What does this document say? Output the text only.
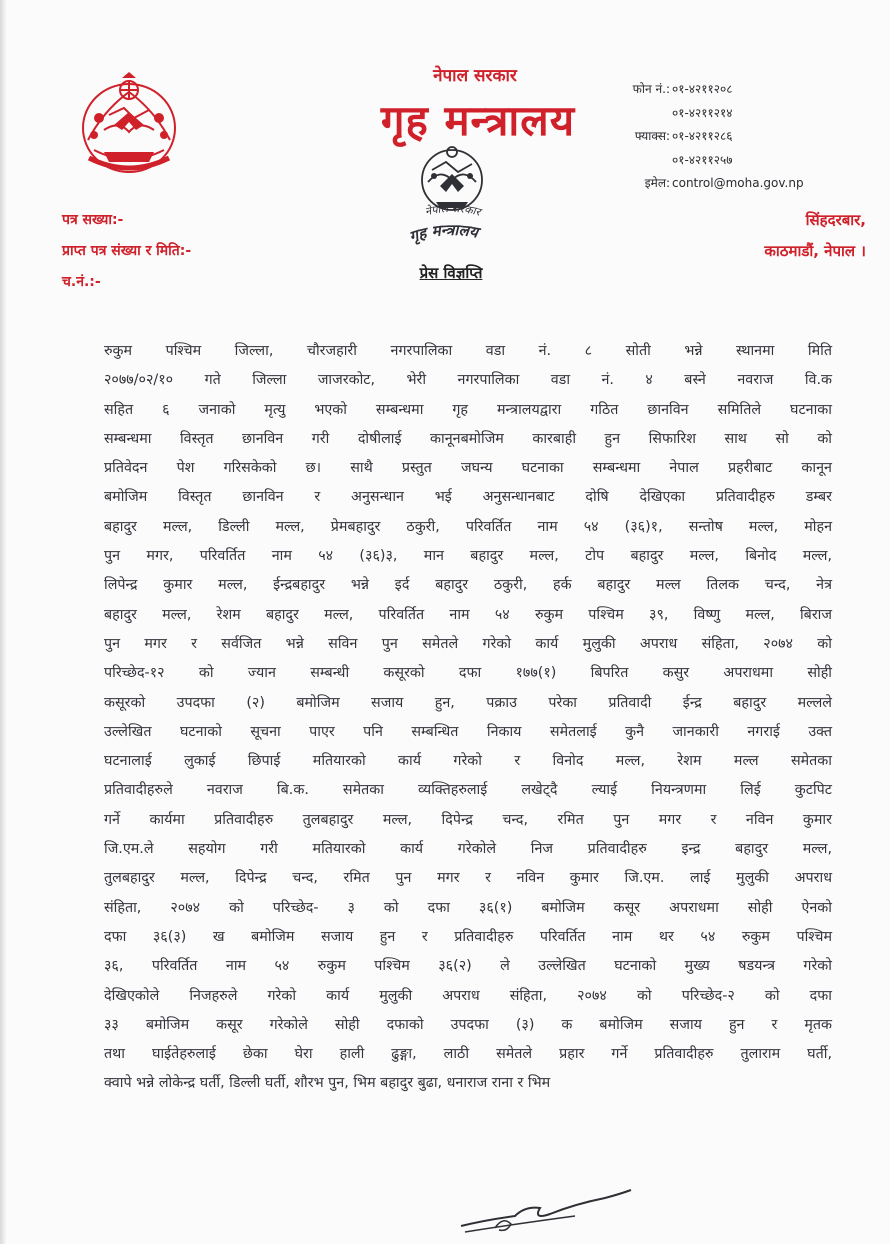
नेपाल सरकार
गृह मन्त्रालय
नेपाल सरकार
गृह मन्त्रालय
फोन नं.: ०१-४२११२०८
०१-४२११२१४
फ्याक्स: ०१-४२११२८६
०१-४२११२५७
इमेल: control@moha.gov.np
पत्र सख्या:-
प्राप्त पत्र संख्या र मिति:-
च.नं.:-
सिंहदरबार,
काठमाडौं, नेपाल ।
प्रेस विज्ञप्ति
रुकुम पश्चिम जिल्ला, चौरजहारी नगरपालिका वडा नं. ८ सोती भन्ने स्थानमा मिति
२०७७/०२/१० गते जिल्ला जाजरकोट, भेरी नगरपालिका वडा नं. ४ बस्ने नवराज वि.क
सहित ६ जनाको मृत्यु भएको सम्बन्धमा गृह मन्त्रालयद्वारा गठित छानविन समितिले घटनाका
सम्बन्धमा विस्तृत छानविन गरी दोषीलाई कानूनबमोजिम कारबाही हुन सिफारिश साथ सो को
प्रतिवेदन पेश गरिसकेको छ। साथै प्रस्तुत जघन्य घटनाका सम्बन्धमा नेपाल प्रहरीबाट कानून
बमोजिम विस्तृत छानविन र अनुसन्धान भई अनुसन्धानबाट दोषि देखिएका प्रतिवादीहरु डम्बर
बहादुर मल्ल, डिल्ली मल्ल, प्रेमबहादुर ठकुरी, परिवर्तित नाम ५४ (३६)१, सन्तोष मल्ल, मोहन
पुन मगर, परिवर्तित नाम ५४ (३६)३, मान बहादुर मल्ल, टोप बहादुर मल्ल, बिनोद मल्ल,
लिपेन्द्र कुमार मल्ल, ईन्द्रबहादुर भन्ने इर्द बहादुर ठकुरी, हर्क बहादुर मल्ल तिलक चन्द, नेत्र
बहादुर मल्ल, रेशम बहादुर मल्ल, परिवर्तित नाम ५४ रुकुम पश्चिम ३९, विष्णु मल्ल, बिराज
पुन मगर र सर्वजित भन्ने सविन पुन समेतले गरेको कार्य मुलुकी अपराध संहिता, २०७४ को
परिच्छेद-१२ को ज्यान सम्बन्धी कसूरको दफा १७७(१) बिपरित कसुर अपराधमा सोही
कसूरको उपदफा (२) बमोजिम सजाय हुन, पक्राउ परेका प्रतिवादी ईन्द्र बहादुर मल्लले
उल्लेखित घटनाको सूचना पाएर पनि सम्बन्धित निकाय समेतलाई कुनै जानकारी नगराई उक्त
घटनालाई लुकाई छिपाई मतियारको कार्य गरेको र विनोद मल्ल, रेशम मल्ल समेतका
प्रतिवादीहरुले नवराज बि.क. समेतका व्यक्तिहरुलाई लखेट्दै ल्याई नियन्त्रणमा लिई कुटपिट
गर्ने कार्यमा प्रतिवादीहरु तुलबहादुर मल्ल, दिपेन्द्र चन्द, रमित पुन मगर र नविन कुमार
जि.एम.ले सहयोग गरी मतियारको कार्य गरेकोले निज प्रतिवादीहरु इन्द्र बहादुर मल्ल,
तुलबहादुर मल्ल, दिपेन्द्र चन्द, रमित पुन मगर र नविन कुमार जि.एम. लाई मुलुकी अपराध
संहिता, २०७४ को परिच्छेद- ३ को दफा ३६(१) बमोजिम कसूर अपराधमा सोही ऐनको
दफा ३६(३) ख बमोजिम सजाय हुन र प्रतिवादीहरु परिवर्तित नाम थर ५४ रुकुम पश्चिम
३६, परिवर्तित नाम ५४ रुकुम पश्चिम ३६(२) ले उल्लेखित घटनाको मुख्य षडयन्त्र गरेको
देखिएकोले निजहरुले गरेको कार्य मुलुकी अपराध संहिता, २०७४ को परिच्छेद-२ को दफा
३३ बमोजिम कसूर गरेकोले सोही दफाको उपदफा (३) क बमोजिम सजाय हुन र मृतक
तथा घाईतेहरुलाई छेका घेरा हाली ढुङ्गा, लाठी समेतले प्रहार गर्ने प्रतिवादीहरु तुलाराम घर्ती,
क्वापे भन्ने लोकेन्द्र घर्ती, डिल्ली घर्ती, शौरभ पुन, भिम बहादुर बुढा, धनाराज राना र भिम
